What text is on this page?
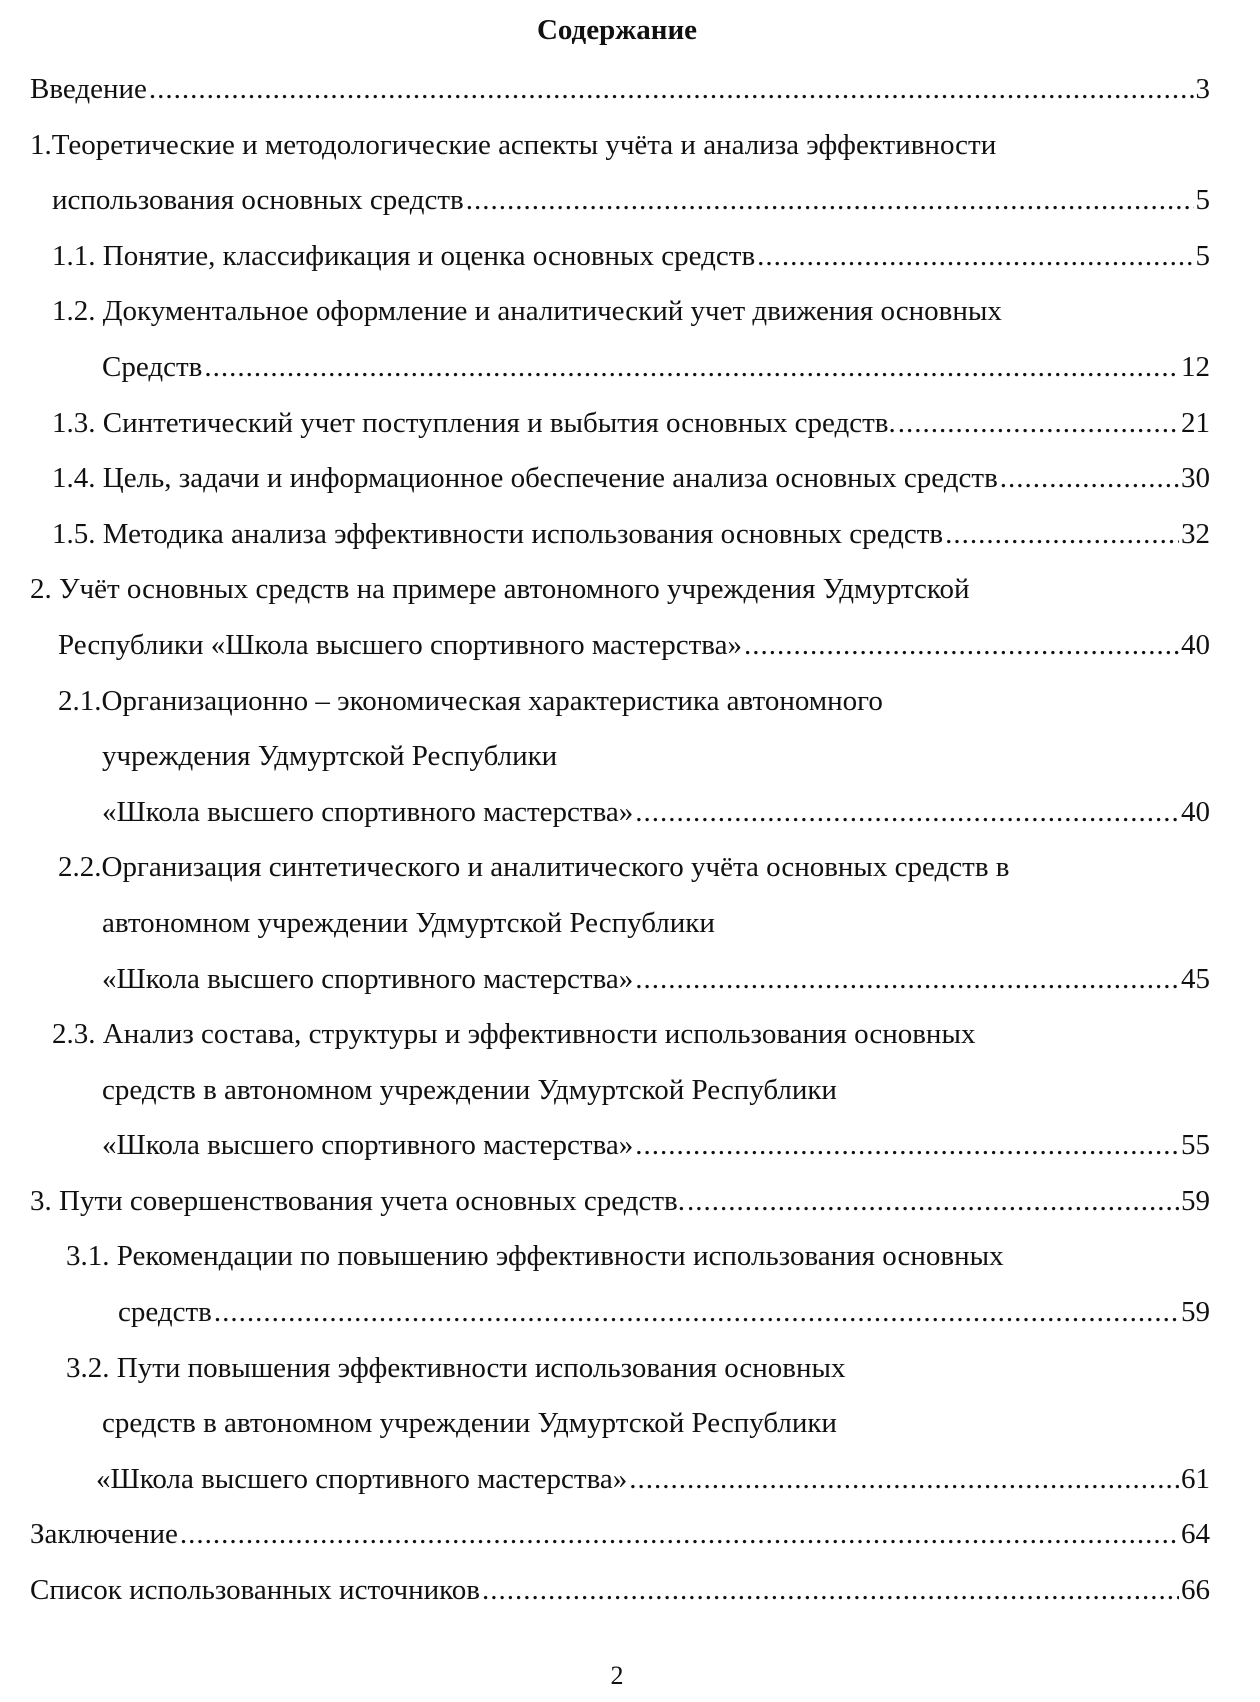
Содержание
Введение .....	3
1.Теоретические и методологические аспекты учёта и анализа эффективности
использования основных средств .....	5
1.1. Понятие, классификация и оценка основных средств .....	5
1.2. Документальное оформление и аналитический учет движения основных
Средств .....	12
1.3. Синтетический учет поступления и выбытия основных средств. .....	21
1.4. Цель, задачи и информационное обеспечение анализа основных средств .....	30
1.5. Методика анализа эффективности использования основных средств .....	32
2. Учёт основных средств на примере автономного учреждения Удмуртской
Республики «Школа высшего спортивного мастерства» .....	40
2.1.Организационно – экономическая характеристика автономного
учреждения Удмуртской Республики
«Школа высшего спортивного мастерства» .....	40
2.2.Организация синтетического и аналитического учёта основных средств в
автономном учреждении Удмуртской Республики
«Школа высшего спортивного мастерства» .....	45
2.3. Анализ состава, структуры и эффективности использования основных
средств в автономном учреждении Удмуртской Республики
«Школа высшего спортивного мастерства» .....	55
3. Пути совершенствования учета основных средств. .....	59
3.1. Рекомендации по повышению эффективности использования основных
средств .....	59
3.2. Пути повышения эффективности использования основных
средств в автономном учреждении Удмуртской Республики
«Школа высшего спортивного мастерства» .....	61
Заключение .....	64
Список использованных источников .....	66
2
